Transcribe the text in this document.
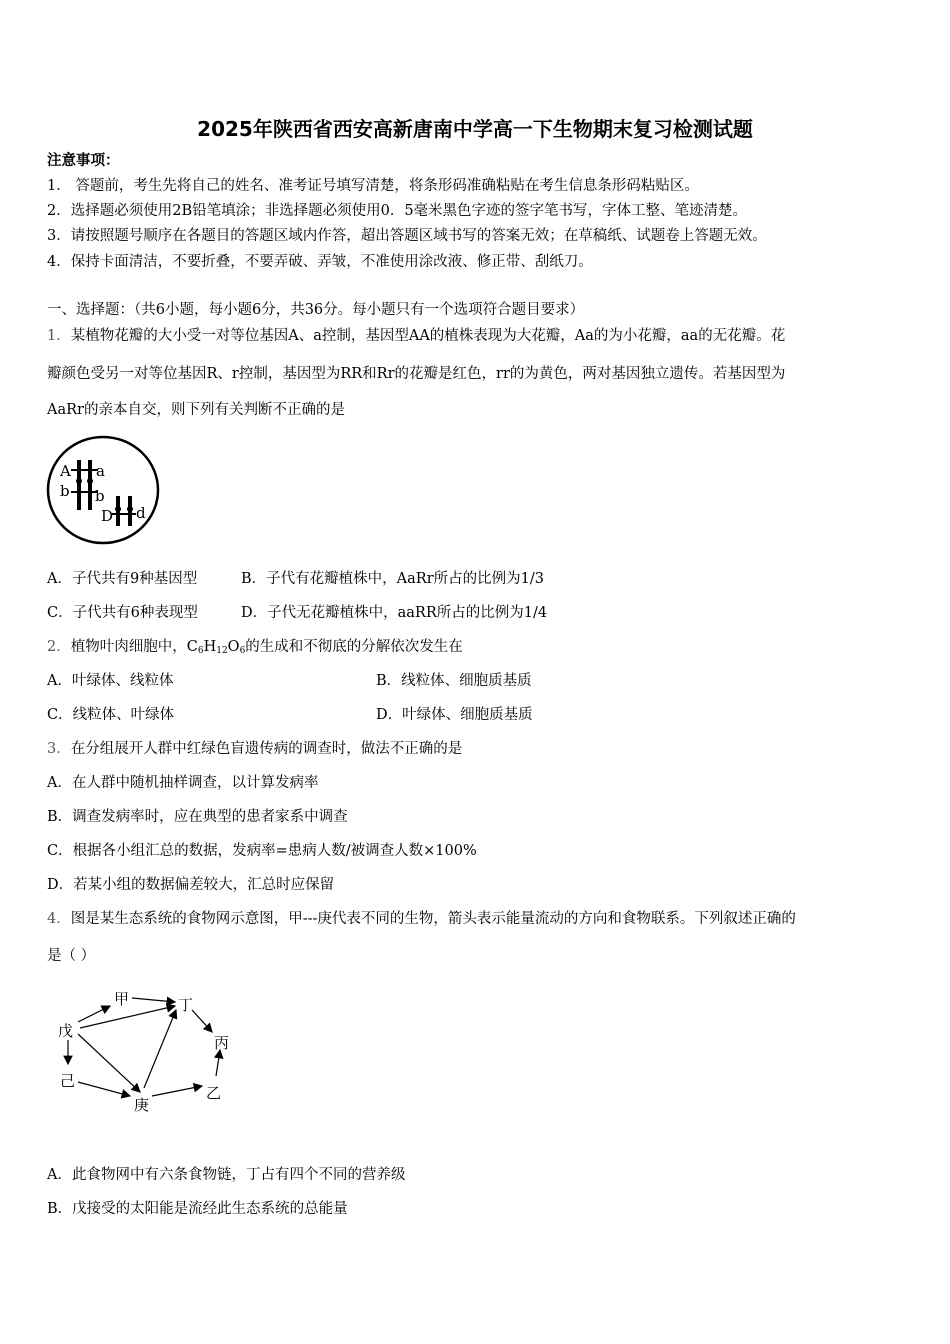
2025年陕西省西安高新唐南中学高一下生物期末复习检测试题
注意事项：
1． 答题前，考生先将自己的姓名、准考证号填写清楚，将条形码准确粘贴在考生信息条形码粘贴区。
2．选择题必须使用2B铅笔填涂；非选择题必须使用0．5毫米黑色字迹的签字笔书写，字体工整、笔迹清楚。
3．请按照题号顺序在各题目的答题区域内作答，超出答题区域书写的答案无效；在草稿纸、试题卷上答题无效。
4．保持卡面清洁，不要折叠，不要弄破、弄皱，不准使用涂改液、修正带、刮纸刀。
一、选择题：（共6小题，每小题6分，共36分。每小题只有一个选项符合题目要求）
1．某植物花瓣的大小受一对等位基因A、a控制，基因型AA的植株表现为大花瓣，Aa的为小花瓣，aa的无花瓣。花
瓣颜色受另一对等位基因R、r控制，基因型为RR和Rr的花瓣是红色，rr的为黄色，两对基因独立遗传。若基因型为
AaRr的亲本自交，则下列有关判断不正确的是
A a
b b
D d
A．子代共有9种基因型	B．子代有花瓣植株中，AaRr所占的比例为1/3
C．子代共有6种表现型	D．子代无花瓣植株中，aaRR所占的比例为1/4
2．植物叶肉细胞中，$C_6H_{12}O_6$的生成和不彻底的分解依次发生在
A．叶绿体、线粒体	B．线粒体、细胞质基质
C．线粒体、叶绿体	D．叶绿体、细胞质基质
3．在分组展开人群中红绿色盲遗传病的调查时，做法不正确的是
A．在人群中随机抽样调查，以计算发病率
B．调查发病率时，应在典型的患者家系中调查
C．根据各小组汇总的数据，发病率=患病人数/被调查人数×100%
D．若某小组的数据偏差较大，汇总时应保留
4．图是某生态系统的食物网示意图，甲---庚代表不同的生物，箭头表示能量流动的方向和食物联系。下列叙述正确的
是（ ）
甲	丁
戊
丙
己
庚
乙
A．此食物网中有六条食物链，丁占有四个不同的营养级
B．戊接受的太阳能是流经此生态系统的总能量
